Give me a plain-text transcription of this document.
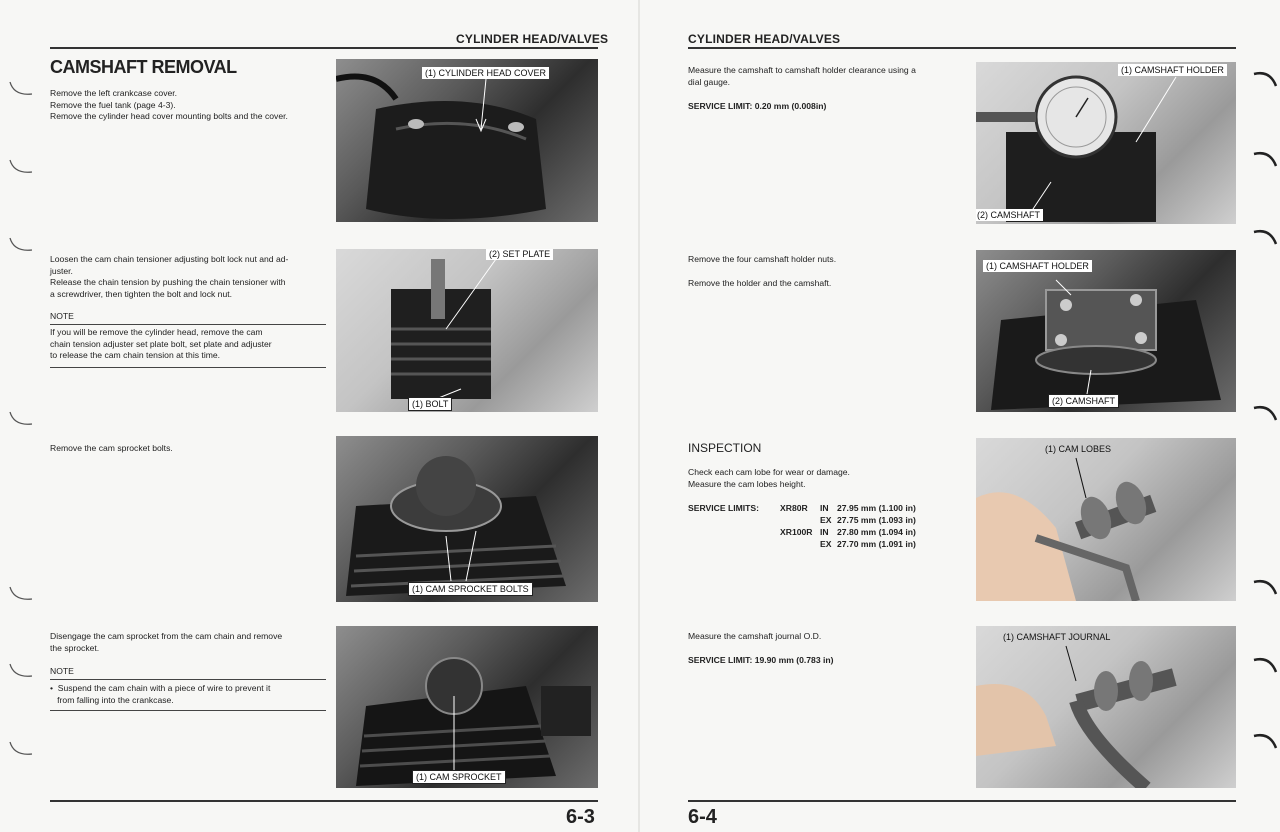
CYLINDER HEAD/VALVES
CAMSHAFT REMOVAL
Remove the left crankcase cover.
Remove the fuel tank (page 4-3).
Remove the cylinder head cover mounting bolts and the cover.
(1) CYLINDER HEAD COVER
Loosen the cam chain tensioner adjusting bolt lock nut and ad-
juster.
Release the chain tension by pushing the chain tensioner with
a screwdriver, then tighten the bolt and lock nut.
NOTE
If you will be remove the cylinder head, remove the cam
chain tension adjuster set plate bolt, set plate and adjuster
to release the cam chain tension at this time.
(2) SET PLATE
(1) BOLT
Remove the cam sprocket bolts.
(1) CAM SPROCKET BOLTS
Disengage the cam sprocket from the cam chain and remove
the sprocket.
NOTE
•  Suspend the cam chain with a piece of wire to prevent it
from falling into the crankcase.
(1) CAM SPROCKET
6-3
CYLINDER HEAD/VALVES
Measure the camshaft to camshaft holder clearance using a
dial gauge.
SERVICE LIMIT: 0.20 mm (0.008in)
(1) CAMSHAFT HOLDER
(2) CAMSHAFT
Remove the four camshaft holder nuts.
Remove the holder and the camshaft.
(1) CAMSHAFT HOLDER
(2) CAMSHAFT
INSPECTION
Check each cam lobe for wear or damage.
Measure the cam lobes height.
SERVICE LIMITS: XR80R IN 27.95 mm (1.100 in)
EX 27.75 mm (1.093 in)
XR100R IN 27.80 mm (1.094 in)
EX 27.70 mm (1.091 in)
(1) CAM LOBES
Measure the camshaft journal O.D.
SERVICE LIMIT: 19.90 mm (0.783 in)
(1) CAMSHAFT JOURNAL
6-4
